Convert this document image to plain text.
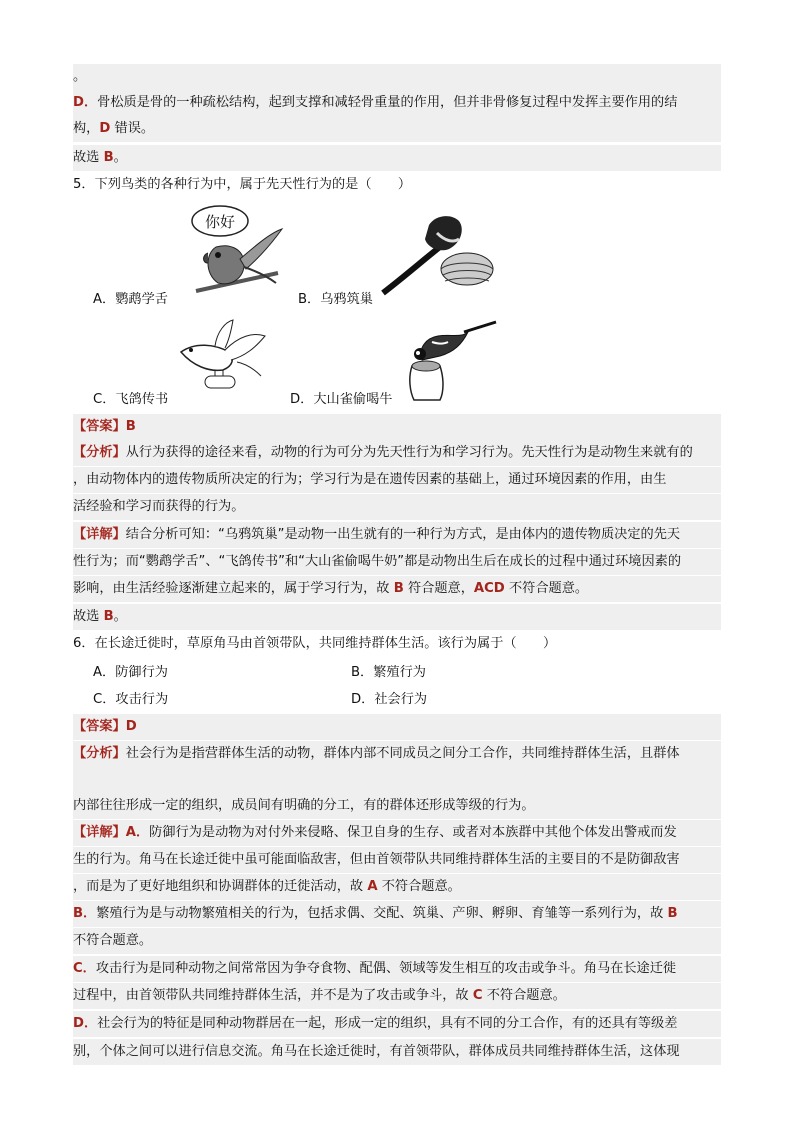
。
D．骨松质是骨的一种疏松结构，起到支撑和减轻骨重量的作用，但并非骨修复过程中发挥主要作用的结
构，D 错误。
故选 B。
5．下列鸟类的各种行为中，属于先天性行为的是（　　）
你好
A．鹦鹉学舌	B．乌鸦筑巢
C．飞鸽传书	D．大山雀偷喝牛
【答案】B
【分析】从行为获得的途径来看，动物的行为可分为先天性行为和学习行为。先天性行为是动物生来就有的
，由动物体内的遗传物质所决定的行为；学习行为是在遗传因素的基础上，通过环境因素的作用，由生
活经验和学习而获得的行为。
【详解】结合分析可知：“乌鸦筑巢”是动物一出生就有的一种行为方式，是由体内的遗传物质决定的先天
性行为；而“鹦鹉学舌”、“飞鸽传书”和“大山雀偷喝牛奶”都是动物出生后在成长的过程中通过环境因素的
影响，由生活经验逐渐建立起来的，属于学习行为，故 B 符合题意，ACD 不符合题意。
故选 B。
6．在长途迁徙时，草原角马由首领带队，共同维持群体生活。该行为属于（　　）
A．防御行为	B．繁殖行为
C．攻击行为	D．社会行为
【答案】D
【分析】社会行为是指营群体生活的动物，群体内部不同成员之间分工合作，共同维持群体生活，且群体
内部往往形成一定的组织，成员间有明确的分工，有的群体还形成等级的行为。
【详解】A．防御行为是动物为对付外来侵略、保卫自身的生存、或者对本族群中其他个体发出警戒而发
生的行为。角马在长途迁徙中虽可能面临敌害，但由首领带队共同维持群体生活的主要目的不是防御敌害
，而是为了更好地组织和协调群体的迁徙活动，故 A 不符合题意。
B．繁殖行为是与动物繁殖相关的行为，包括求偶、交配、筑巢、产卵、孵卵、育雏等一系列行为，故 B
不符合题意。
C．攻击行为是同种动物之间常常因为争夺食物、配偶、领域等发生相互的攻击或争斗。角马在长途迁徙
过程中，由首领带队共同维持群体生活，并不是为了攻击或争斗，故 C 不符合题意。
D．社会行为的特征是同种动物群居在一起，形成一定的组织，具有不同的分工合作，有的还具有等级差
别，个体之间可以进行信息交流。角马在长途迁徙时，有首领带队，群体成员共同维持群体生活，这体现
